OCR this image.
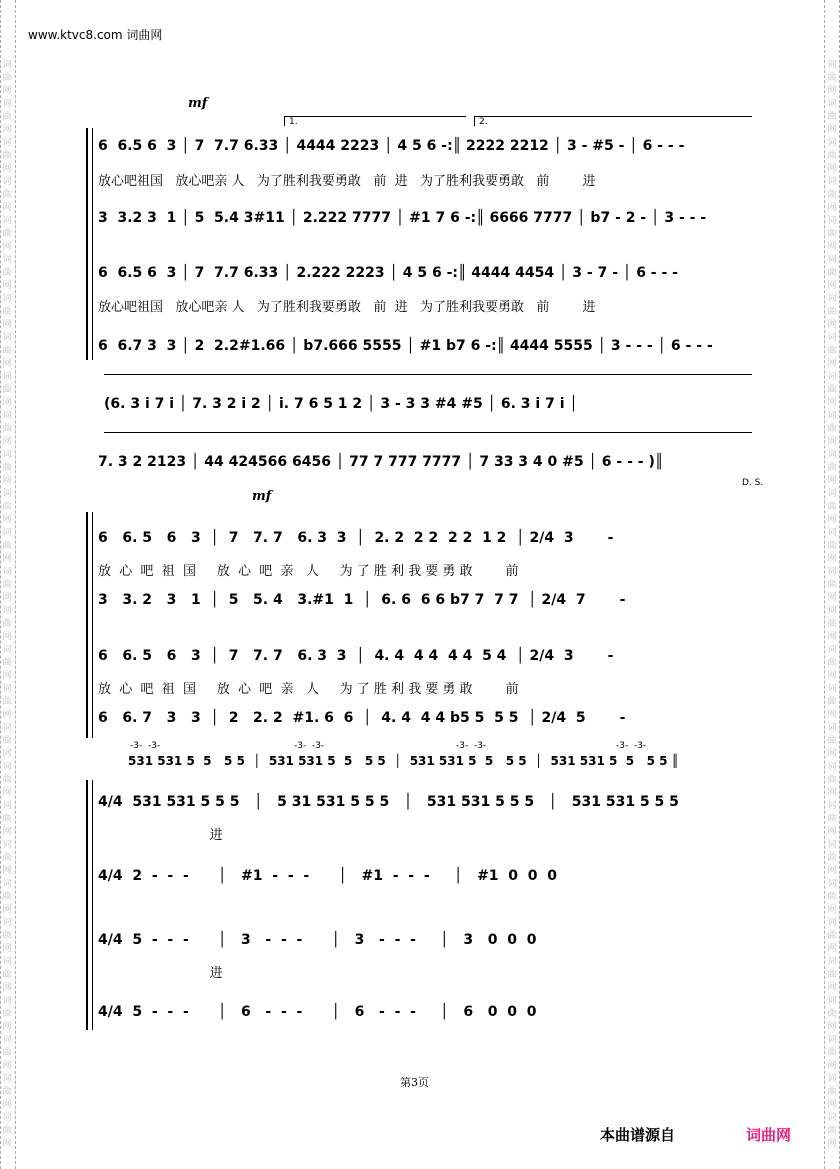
词
曲
网
词
曲
网
词
曲
网
词
曲
网
词
曲
网
词
曲
网
词
曲
网
词
曲
网
词
曲
网
词
曲
网
词
曲
网
词
曲
网
词
曲
网
词
曲
网
词
曲
网
词
曲
网
词
曲
网
词
曲
网
词
曲
网
词
曲
网
词
曲
网
词
曲
网
词
曲
网
词
曲
网
词
曲
网
词
曲
网
词
曲
网
词
曲
网
词
曲
网
词
曲
网
词
曲
网
词
曲
网
词
曲
网
词
曲
网
词
曲
网
词
曲
网
词
曲
网
词
曲
网
词
曲
网
词
曲
网
词
曲
网
词
曲
网
词
曲
网
词
曲
网
词
曲
网
词
曲
网
词
曲
网
词
曲
网
词
曲
网
词
曲
网
词
曲
网
词
曲
网
词
曲
网
词
曲
网
词
曲
网
词
曲
网
www.ktvc8.com 词曲网
mf
1.	2.
6  6.5 6  3 │ 7  7.7 6.33 │ 4444 2223 │ 4 5 6 -:║ 2222 2212 │ 3 - #5 - │ 6 - - -
放心吧祖国   放心吧亲 人   为了胜利我要勇敢   前  进   为了胜利我要勇敢   前        进
3  3.2 3  1 │ 5  5.4 3#11 │ 2.222 7777 │ #1 7 6 -:║ 6666 7777 │ b7 - 2 - │ 3 - - -
6  6.5 6  3 │ 7  7.7 6.33 │ 2.222 2223 │ 4 5 6 -:║ 4444 4454 │ 3 - 7 - │ 6 - - -
放心吧祖国   放心吧亲 人   为了胜利我要勇敢   前  进   为了胜利我要勇敢   前        进
6  6.7 3  3 │ 2  2.2#1.66 │ b7.666 5555 │ #1 b7 6 -:║ 4444 5555 │ 3 - - - │ 6 - - -
(6. 3 i 7 i │ 7. 3 2 i 2 │ i. 7 6 5 1 2 │ 3 - 3 3 #4 #5 │ 6. 3 i 7 i │
7. 3 2 2123 │ 44 424566 6456 │ 77 7 777 7777 │ 7 33 3 4 0 #5 │ 6 - - - )║
D. S.
mf
6   6. 5   6   3  │  7   7. 7   6. 3  3  │  2. 2  2 2  2 2  1 2  │ 2/4  3       -
放  心  吧  祖  国     放  心  吧  亲   人     为 了 胜 利 我 要 勇 敢        前
3   3. 2   3   1  │  5   5. 4   3.#1  1  │  6. 6  6 6 b7 7  7 7  │ 2/4  7       -
6   6. 5   6   3  │  7   7. 7   6. 3  3  │  4. 4  4 4  4 4  5 4  │ 2/4  3       -
放  心  吧  祖  国     放  心  吧  亲   人     为 了 胜 利 我 要 勇 敢        前
6   6. 7   3   3  │  2   2. 2  #1. 6  6  │  4. 4  4 4 b5 5  5 5  │ 2/4  5       -
-3-  -3-	-3-  -3-	-3-  -3-	-3-  -3-
531 531 5  5   5 5  │  531 531 5  5   5 5  │  531 531 5  5   5 5  │  531 531 5  5   5 5 ║
4/4  531 531 5 5 5   │   5 31 531 5 5 5   │   531 531 5 5 5   │   531 531 5 5 5
进
4/4  2  -  -  -      │   #1  -  -  -      │   #1  -  -  -     │   #1  0  0  0
4/4  5  -  -  -      │   3   -  -  -      │   3   -  -  -     │   3   0  0  0
进
4/4  5  -  -  -      │   6   -  -  -      │   6   -  -  -     │   6   0  0  0
第3页
本曲谱源自	词曲网
